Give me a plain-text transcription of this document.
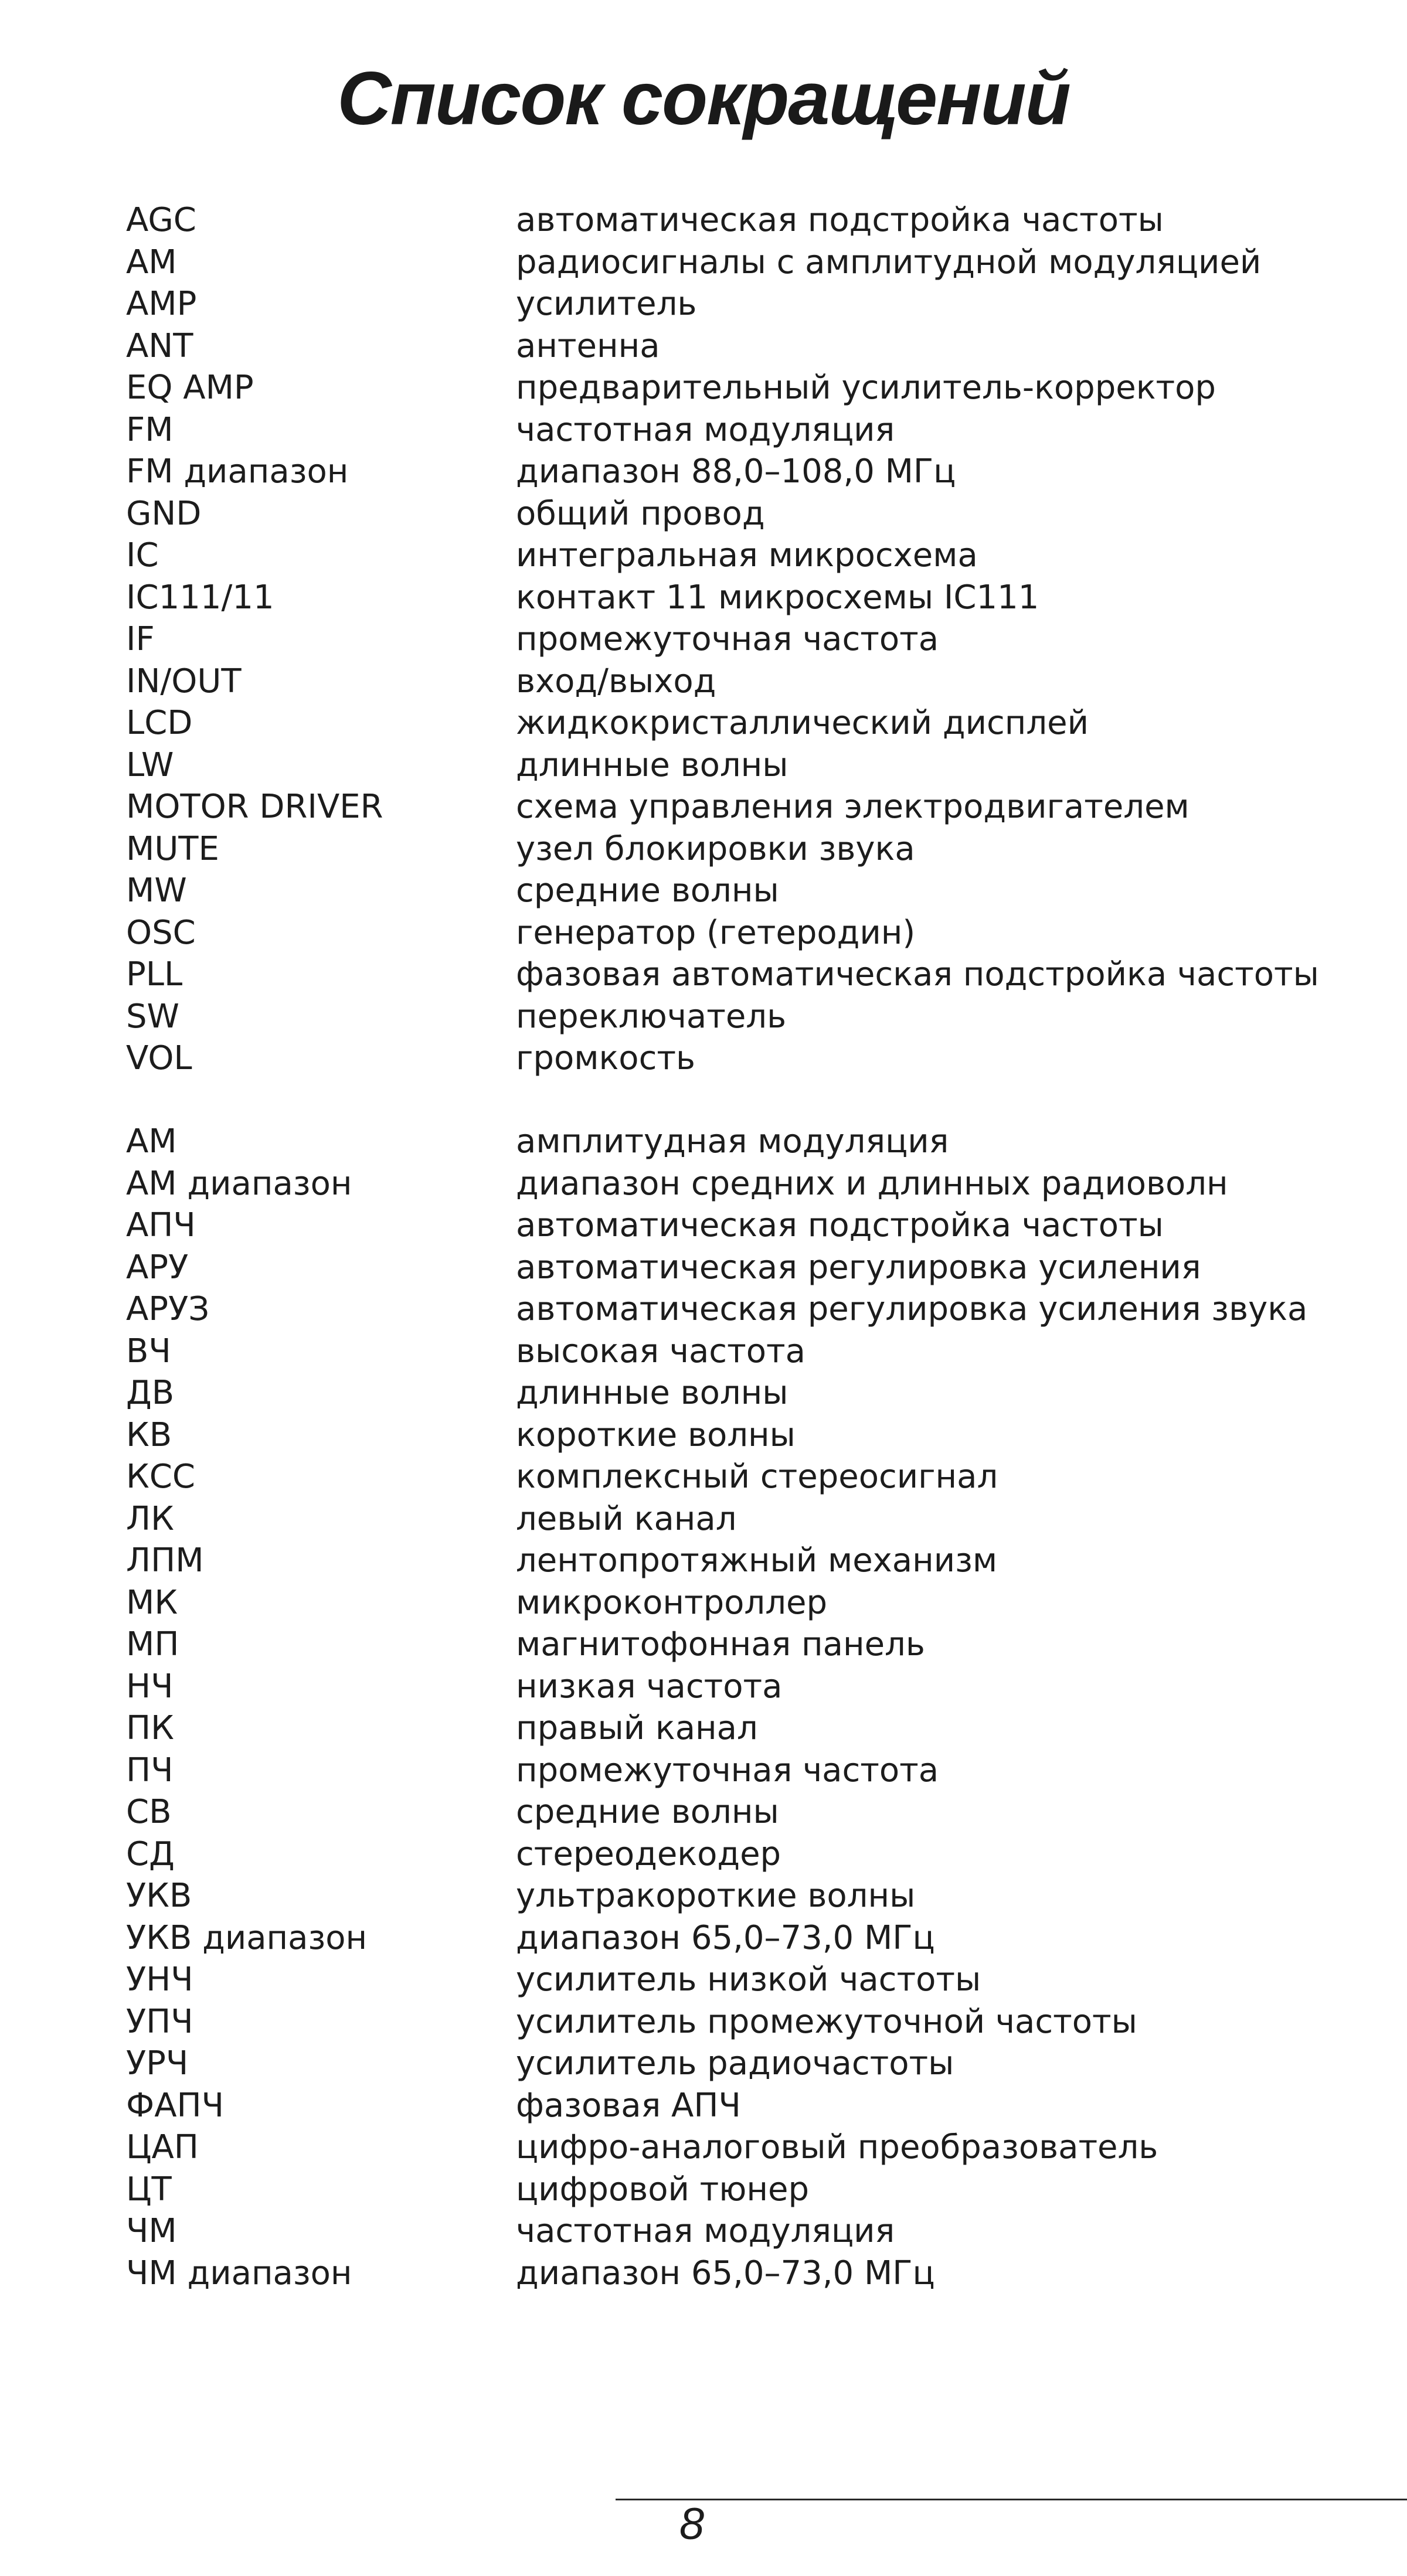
Список сокращений
AGC	автоматическая подстройка частоты
AM	радиосигналы с амплитудной модуляцией
AMP	усилитель
ANT	антенна
EQ AMP	предварительный усилитель-корректор
FM	частотная модуляция
FM диапазон	диапазон 88,0–108,0 МГц
GND	общий провод
IC	интегральная микросхема
IC111/11	контакт 11 микросхемы IC111
IF	промежуточная частота
IN/OUT	вход/выход
LCD	жидкокристаллический дисплей
LW	длинные волны
MOTOR DRIVER	схема управления электродвигателем
MUTE	узел блокировки звука
MW	средние волны
OSC	генератор (гетеродин)
PLL	фазовая автоматическая подстройка частоты
SW	переключатель
VOL	громкость
АМ	амплитудная модуляция
АМ диапазон	диапазон средних и длинных радиоволн
АПЧ	автоматическая подстройка частоты
АРУ	автоматическая регулировка усиления
АРУЗ	автоматическая регулировка усиления звука
ВЧ	высокая частота
ДВ	длинные волны
КВ	короткие волны
КСС	комплексный стереосигнал
ЛК	левый канал
ЛПМ	лентопротяжный механизм
МК	микроконтроллер
МП	магнитофонная панель
НЧ	низкая частота
ПК	правый канал
ПЧ	промежуточная частота
СВ	средние волны
СД	стереодекодер
УКВ	ультракороткие волны
УКВ диапазон	диапазон 65,0–73,0 МГц
УНЧ	усилитель низкой частоты
УПЧ	усилитель промежуточной частоты
УРЧ	усилитель радиочастоты
ФАПЧ	фазовая АПЧ
ЦАП	цифро-аналоговый преобразователь
ЦТ	цифровой тюнер
ЧМ	частотная модуляция
ЧМ диапазон	диапазон 65,0–73,0 МГц
8
